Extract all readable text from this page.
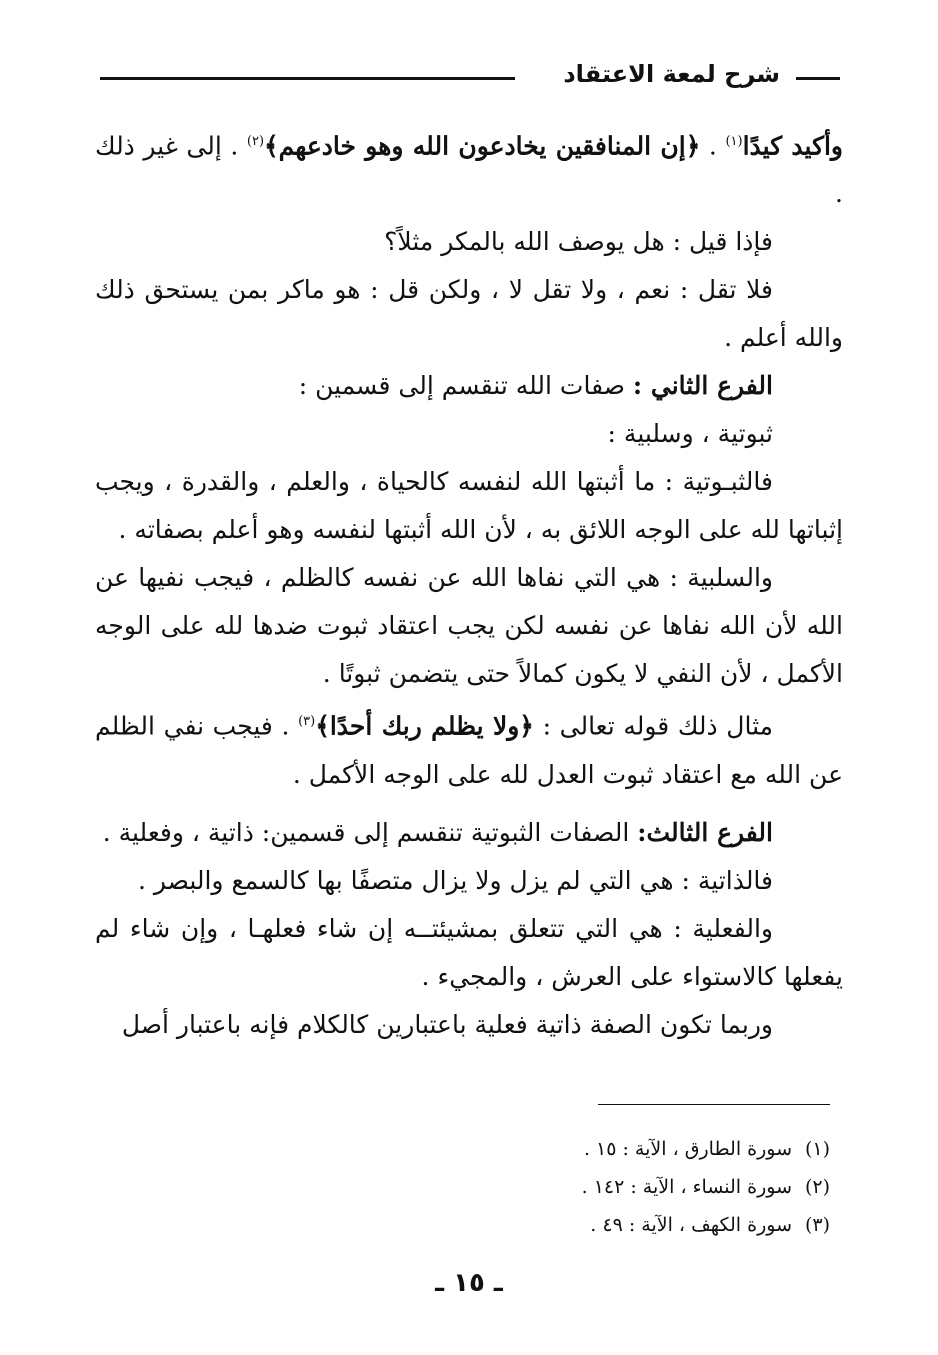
شرح لمعة الاعتقاد

وأكيد كيدًا$^{(١)}$ . ﴿إن المنافقين يخادعون الله وهو خادعهم﴾$^{(٢)}$ . إلى غير ذلك .

فإذا قيل : هل يوصف الله بالمكر مثلاً؟

فلا تقل : نعم ، ولا تقل لا ، ولكن قل : هو ماكر بمن يستحق ذلك والله أعلم .

الفرع الثاني : صفات الله تنقسم إلى قسمين :

ثبوتية ، وسلبية :

فالثبـوتية : ما أثبتها الله لنفسه كالحياة ، والعلم ، والقدرة ، ويجب إثباتها لله على الوجه اللائق به ، لأن الله أثبتها لنفسه وهو أعلم بصفاته .

والسلبية : هي التي نفاها الله عن نفسه كالظلم ، فيجب نفيها عن الله لأن الله نفاها عن نفسه لكن يجب اعتقاد ثبوت ضدها لله على الوجه الأكمل ، لأن النفي لا يكون كمالاً حتى يتضمن ثبوتًا .

مثال ذلك قوله تعالى : ﴿ولا يظلم ربك أحدًا﴾$^{(٣)}$ . فيجب نفي الظلم عن الله مع اعتقاد ثبوت العدل لله على الوجه الأكمل .

الفرع الثالث: الصفات الثبوتية تنقسم إلى قسمين: ذاتية ، وفعلية .

فالذاتية : هي التي لم يزل ولا يزال متصفًا بها كالسمع والبصر .

والفعلية : هي التي تتعلق بمشيئتــه إن شاء فعلهـا ، وإن شاء لم يفعلها كالاستواء على العرش ، والمجيء .

وربما تكون الصفة ذاتية فعلية باعتبارين كالكلام فإنه باعتبار أصل

(١)سورة الطارق ، الآية : ١٥ .
(٢)سورة النساء ، الآية : ١٤٢ .
(٣)سورة الكهف ، الآية : ٤٩ .
ـ ١٥ ـ
